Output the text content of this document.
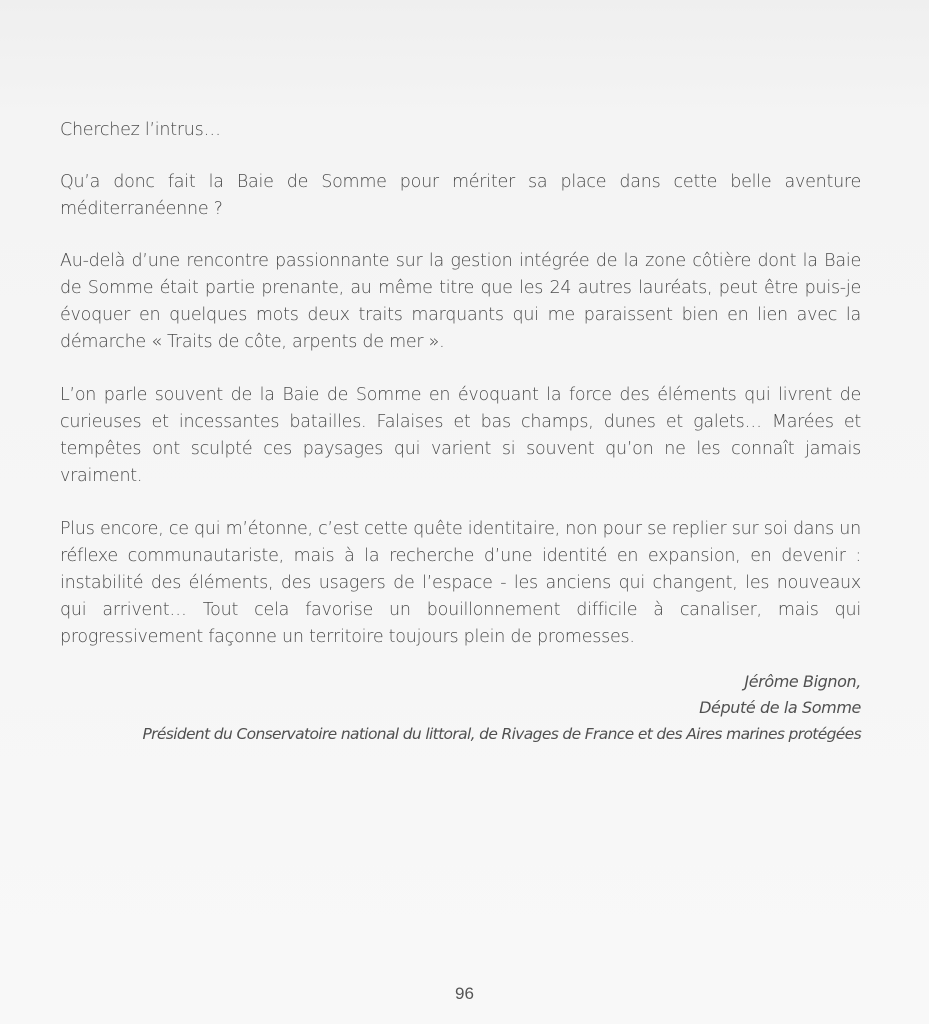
Cherchez l’intrus…

Qu’a donc fait la Baie de Somme pour mériter sa place dans cette belle aventure méditerranéenne ?

Au-delà d’une rencontre passionnante sur la gestion intégrée de la zone côtière dont la Baie de Somme était partie prenante, au même titre que les 24 autres lauréats, peut être puis-je évoquer en quelques mots deux traits marquants qui me paraissent bien en lien avec la démarche « Traits de côte, arpents de mer ».

L’on parle souvent de la Baie de Somme en évoquant la force des éléments qui livrent de curieuses et incessantes batailles. Falaises et bas champs, dunes et galets… Marées et tempêtes ont sculpté ces paysages qui varient si souvent qu’on ne les connaît jamais vraiment.

Plus encore, ce qui m’étonne, c’est cette quête identitaire, non pour se replier sur soi dans un réflexe communautariste, mais à la recherche d’une identité en expansion, en devenir : instabilité des éléments, des usagers de l’espace - les anciens qui changent, les nouveaux qui arrivent… Tout cela favorise un bouillonnement difficile à canaliser, mais qui progressivement façonne un territoire toujours plein de promesses.

Jérôme Bignon,

Député de la Somme

Président du Conservatoire national du littoral, de Rivages de France et des Aires marines protégées

96
